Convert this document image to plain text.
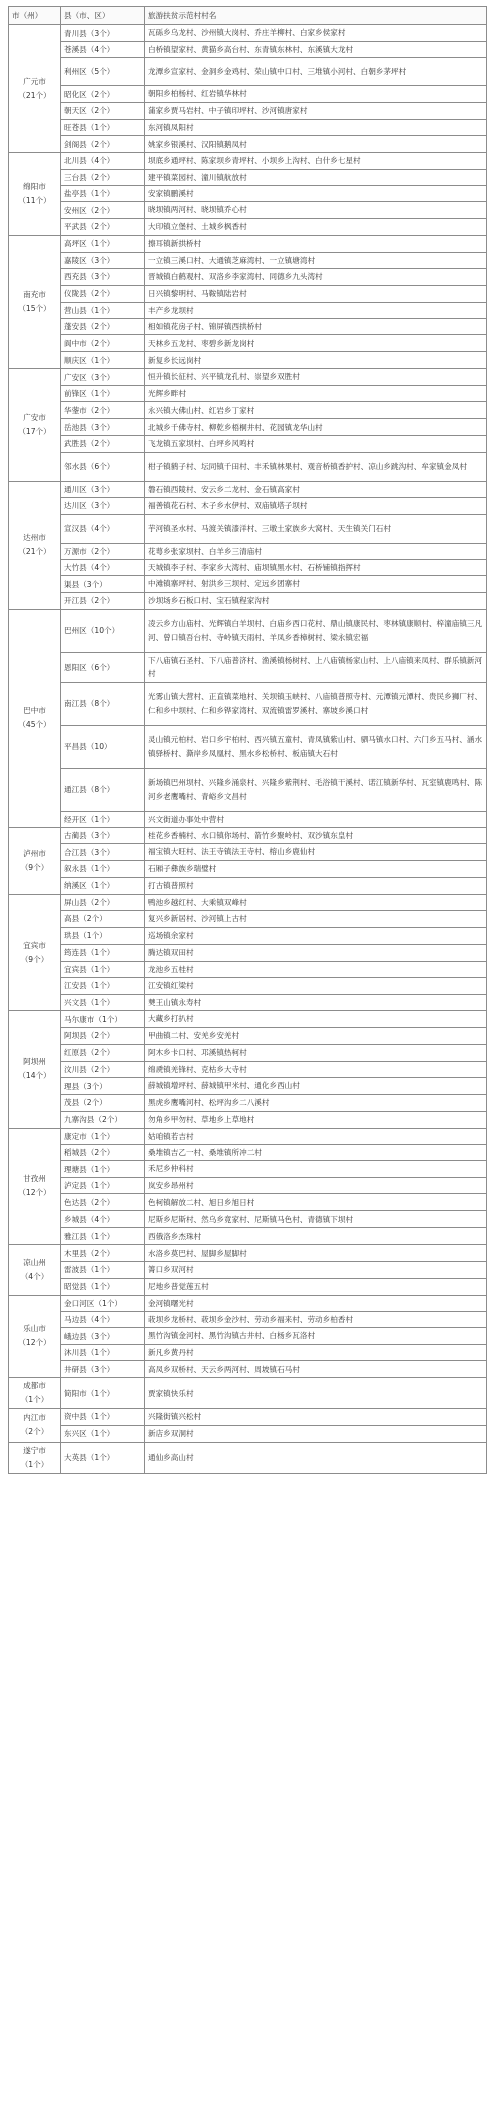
市（州）	县（市、区）	旅游扶贫示范村村名

广元市
（21个）	青川县（3个）	瓦砾乡乌龙村、沙州镇大岗村、乔庄羊柳村、白家乡侯家村
	苍溪县（4个）	白桥镇望家村、黄猫乡高台村、东青镇东林村、东溪镇大龙村
	利州区（5个）	龙潭乡宣家村、金洞乡金鸡村、荣山镇中口村、三堆镇小河村、白朝乡茅坪村
	昭化区（2个）	朝阳乡柏杨村、红岩镇华林村
	朝天区（2个）	蒲家乡贾马岩村、中子镇印坪村、沙河镇唐家村
	旺苍县（1个）	东河镇凤阳村
	剑阁县（2个）	姚家乡银溪村、汉阳镇鹅凤村

绵阳市
（11个）	北川县（4个）	坝底乡通坪村、陈家坝乡青坪村、小坝乡上沟村、白什乡七星村
	三台县（2个）	建平镇菜园村、潼川镇航放村
	盐亭县（1个）	安家镇鹏溪村
	安州区（2个）	晓坝镇两河村、晓坝镇乔心村
	平武县（2个）	大印镇立堡村、土城乡枫香村

南充市
（15个）	高坪区（1个）	擦耳镇新拱桥村
	嘉陵区（3个）	一立镇三溪口村、大通镇芝麻湾村、一立镇塘湾村
	西充县（3个）	晋城镇白鹤观村、双洛乡李家湾村、同德乡九头湾村
	仪陇县（2个）	日兴镇黎明村、马鞍镇陆岩村
	营山县（1个）	丰产乡龙坝村
	蓬安县（2个）	相如镇花房子村、锦屏镇西拱桥村
	阆中市（2个）	天林乡五龙村、枣碧乡新龙岗村
	顺庆区（1个）	新复乡长远岗村

广安市
（17个）	广安区（3个）	恒升镇长征村、兴平镇龙孔村、崇望乡双胜村
	前锋区（1个）	光辉乡畔村
	华蓥市（2个）	永兴镇大佛山村、红岩乡丁家村
	岳池县（3个）	北城乡千佛寺村、柳乾乡梧桐井村、花园镇龙华山村
	武胜县（2个）	飞龙镇五家坝村、白坪乡风鸣村
	邻水县（6个）	柑子镇鹤子村、坛同镇千田村、丰禾镇林果村、观音桥镇香护村、凉山乡跳沟村、牟家镇金凤村

达州市
（21个）	通川区（3个）	磐石镇西陵村、安云乡二龙村、金石镇高家村
	达川区（3个）	福善镇花石村、木子乡水伊村、双庙镇塔子坝村
	宣汉县（4个）	芋河镇圣水村、马渡关镇漆洋村、三墩土家族乡大窝村、天生镇关门石村
	万源市（2个）	花萼乡张家坝村、白羊乡三清庙村
	大竹县（4个）	天城镇李子村、李家乡大湾村、庙坝镇黑水村、石桥铺镇指挥村
	渠县（3个）	中滩镇寨坪村、射洪乡三坝村、定远乡团寨村
	开江县（2个）	沙坝场乡石板口村、宝石镇程家沟村

巴中市
（45个）	巴州区（10个）	凌云乡方山庙村、光辉镇白羊坝村、白庙乡西口花村、鼎山镇康民村、枣林镇康顺村、梓潼庙镇三凡河、曾口镇吾台村、寺岭镇天雨村、羊凤乡香樟树村、梁永镇宏福
	恩阳区（6个）	下八庙镇石圣村、下八庙普济村、渔溪镇杨树村、上八庙镇杨家山村、上八庙镇来凤村、群乐镇新河村
	南江县（8个）	光雾山镇大营村、正直镇菜地村、关坝镇玉峡村、八庙镇普照寺村、元潭镇元潭村、贵民乡狮厂村、仁和乡中坝村、仁和乡铧家湾村、双流镇雷罗溪村、寨坡乡溪口村
	平昌县（10）	灵山镇元柏村、岩口乡宇柏村、西兴镇五童村、青凤镇紫山村、驷马镇水口村、六门乡五马村、涵水镇驿桥村、澌岸乡凤凰村、黑水乡松桥村、板庙镇大石村
	通江县（8个）	新场镇巴州坝村、兴隆乡涌泉村、兴隆乡紫荆村、毛浴镇干溪村、诺江镇新华村、瓦室镇鹿鸣村、陈河乡老鹰嘴村、青峪乡文昌村
	经开区（1个）	兴文街道办事处中营村

泸州市
（9个）	古蔺县（3个）	桂花乡香楠村、水口镇你场村、箭竹乡聚岭村、双沙镇东皇村
	合江县（3个）	福宝镇大旺村、法王寺镇法王寺村、榕山乡鹿仙村
	叙永县（1个）	石厢子彝族乡瑞璧村
	纳溪区（1个）	打古镇普照村

宜宾市
（9个）	屏山县（2个）	鸭池乡越红村、大乘镇双峰村
	高县（2个）	复兴乡新居村、沙河镇上古村
	珙县（1个）	巡场镇余家村
	筠连县（1个）	腾达镇双田村
	宜宾县（1个）	龙池乡五桂村
	江安县（1个）	江安镇红梁村
	兴文县（1个）	僰王山镇永寿村

阿坝州
（14个）	马尔康市（1个）	大藏乡打扒村
	阿坝县（2个）	甲曲镇二村、安羌乡安羌村
	红原县（2个）	阿木乡卡口村、邛溪镇热柯村
	汶川县（2个）	绵虒镇羌锋村、克枯乡大寺村
	理县（3个）	薛城镇增坪村、薛城镇甲米村、通化乡西山村
	茂县（2个）	黑虎乡鹰嘴河村、松坪沟乡二八溪村
	九寨沟县（2个）	勿角乡甲勿村、草地乡上草地村

甘孜州
（12个）	康定市（1个）	姑咱镇若吉村
	稻城县（2个）	桑堆镇吉乙一村、桑堆镇所冲二村
	理塘县（1个）	禾尼乡仲科村
	泸定县（1个）	岚安乡昂州村
	色达县（2个）	色柯镇解放二村、旭日乡旭日村
	乡城县（4个）	尼斯乡尼斯村、然乌乡竟家村、尼斯镇马色村、青德镇下坝村
	雅江县（1个）	西俄洛乡杰珠村

凉山州
（4个）	木里县（2个）	水洛乡莫巴村、屋脚乡屋脚村
	雷波县（1个）	箐口乡双河村
	昭觉县（1个）	尼地乡普觉莲五村

乐山市
（12个）	金口河区（1个）	金河镇曙光村
	马边县（4个）	荍坝乡龙桥村、荍坝乡金沙村、劳动乡福来村、劳动乡柏香村
	峨边县（3个）	黑竹沟镇金河村、黑竹沟镇古井村、白杨乡瓦洛村
	沐川县（1个）	新凡乡黄丹村
	井研县（3个）	高凤乡双桥村、天云乡两河村、周坡镇石马村

成都市
（1个）	简阳市（1个）	贾家镇快乐村

内江市
（2个）	资中县（1个）	兴隆街镇兴松村
	东兴区（1个）	新店乡双洞村

遂宁市
（1个）	大英县（1个）	通仙乡高山村
